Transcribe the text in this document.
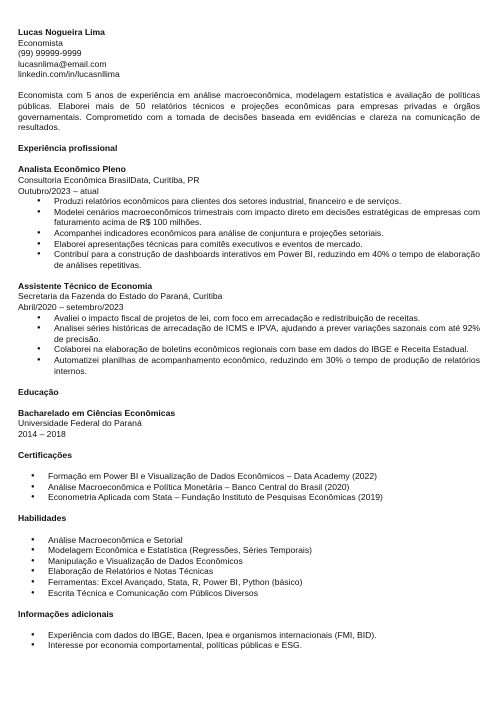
Lucas Nogueira Lima
Economista
(99) 99999-9999
lucasnlima@email.com
linkedin.com/in/lucasnllima
Economista com 5 anos de experiência em análise macroeconômica, modelagem estatística e avaliação de políticas públicas. Elaborei mais de 50 relatórios técnicos e projeções econômicas para empresas privadas e órgãos governamentais. Comprometido com a tomada de decisões baseada em evidências e clareza na comunicação de resultados.
Experiência profissional
Analista Econômico Pleno
Consultoria Econômica BrasilData, Curitiba, PR
Outubro/2023 – atual
● Produzi relatórios econômicos para clientes dos setores industrial, financeiro e de serviços.
● Modelei cenários macroeconômicos trimestrais com impacto direto em decisões estratégicas de empresas com faturamento acima de R$ 100 milhões.
● Acompanhei indicadores econômicos para análise de conjuntura e projeções setoriais.
● Elaborei apresentações técnicas para comitês executivos e eventos de mercado.
● Contribuí para a construção de dashboards interativos em Power BI, reduzindo em 40% o tempo de elaboração de análises repetitivas.
Assistente Técnico de Economia
Secretaria da Fazenda do Estado do Paraná, Curitiba
Abril/2020 – setembro/2023
● Avaliei o impacto fiscal de projetos de lei, com foco em arrecadação e redistribuição de receitas.
● Analisei séries históricas de arrecadação de ICMS e IPVA, ajudando a prever variações sazonais com até 92% de precisão.
● Colaborei na elaboração de boletins econômicos regionais com base em dados do IBGE e Receita Estadual.
● Automatizei planilhas de acompanhamento econômico, reduzindo em 30% o tempo de produção de relatórios internos.
Educação
Bacharelado em Ciências Econômicas
Universidade Federal do Paraná
2014 – 2018
Certificações
● Formação em Power BI e Visualização de Dados Econômicos – Data Academy (2022)
● Análise Macroeconômica e Política Monetária – Banco Central do Brasil (2020)
● Econometria Aplicada com Stata – Fundação Instituto de Pesquisas Econômicas (2019)
Habilidades
● Análise Macroeconômica e Setorial
● Modelagem Econômica e Estatística (Regressões, Séries Temporais)
● Manipulação e Visualização de Dados Econômicos
● Elaboração de Relatórios e Notas Técnicas
● Ferramentas: Excel Avançado, Stata, R, Power BI, Python (básico)
● Escrita Técnica e Comunicação com Públicos Diversos
Informações adicionais
● Experiência com dados do IBGE, Bacen, Ipea e organismos internacionais (FMI, BID).
● Interesse por economia comportamental, políticas públicas e ESG.
